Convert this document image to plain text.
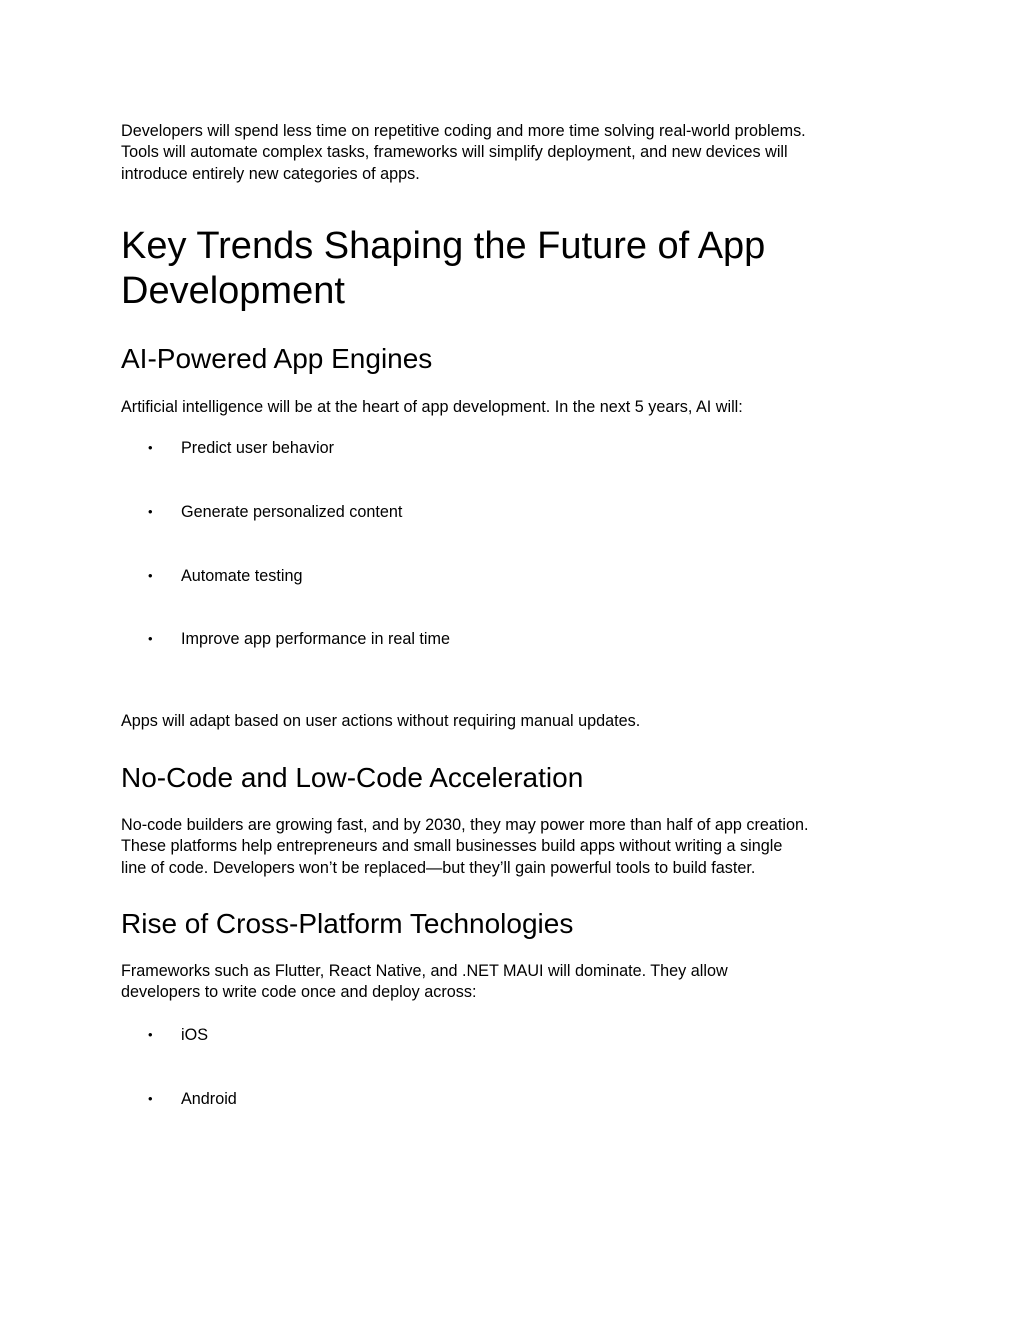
Developers will spend less time on repetitive coding and more time solving real-world problems.
Tools will automate complex tasks, frameworks will simplify deployment, and new devices will
introduce entirely new categories of apps.

Key Trends Shaping the Future of App
Development
AI-Powered App Engines

Artificial intelligence will be at the heart of app development. In the next 5 years, AI will:

•	Predict user behavior
•	Generate personalized content
•	Automate testing
•	Improve app performance in real time

Apps will adapt based on user actions without requiring manual updates.

No-Code and Low-Code Acceleration

No-code builders are growing fast, and by 2030, they may power more than half of app creation.
These platforms help entrepreneurs and small businesses build apps without writing a single
line of code. Developers won’t be replaced—but they’ll gain powerful tools to build faster.

Rise of Cross-Platform Technologies

Frameworks such as Flutter, React Native, and .NET MAUI will dominate. They allow
developers to write code once and deploy across:

•	iOS
•	Android
